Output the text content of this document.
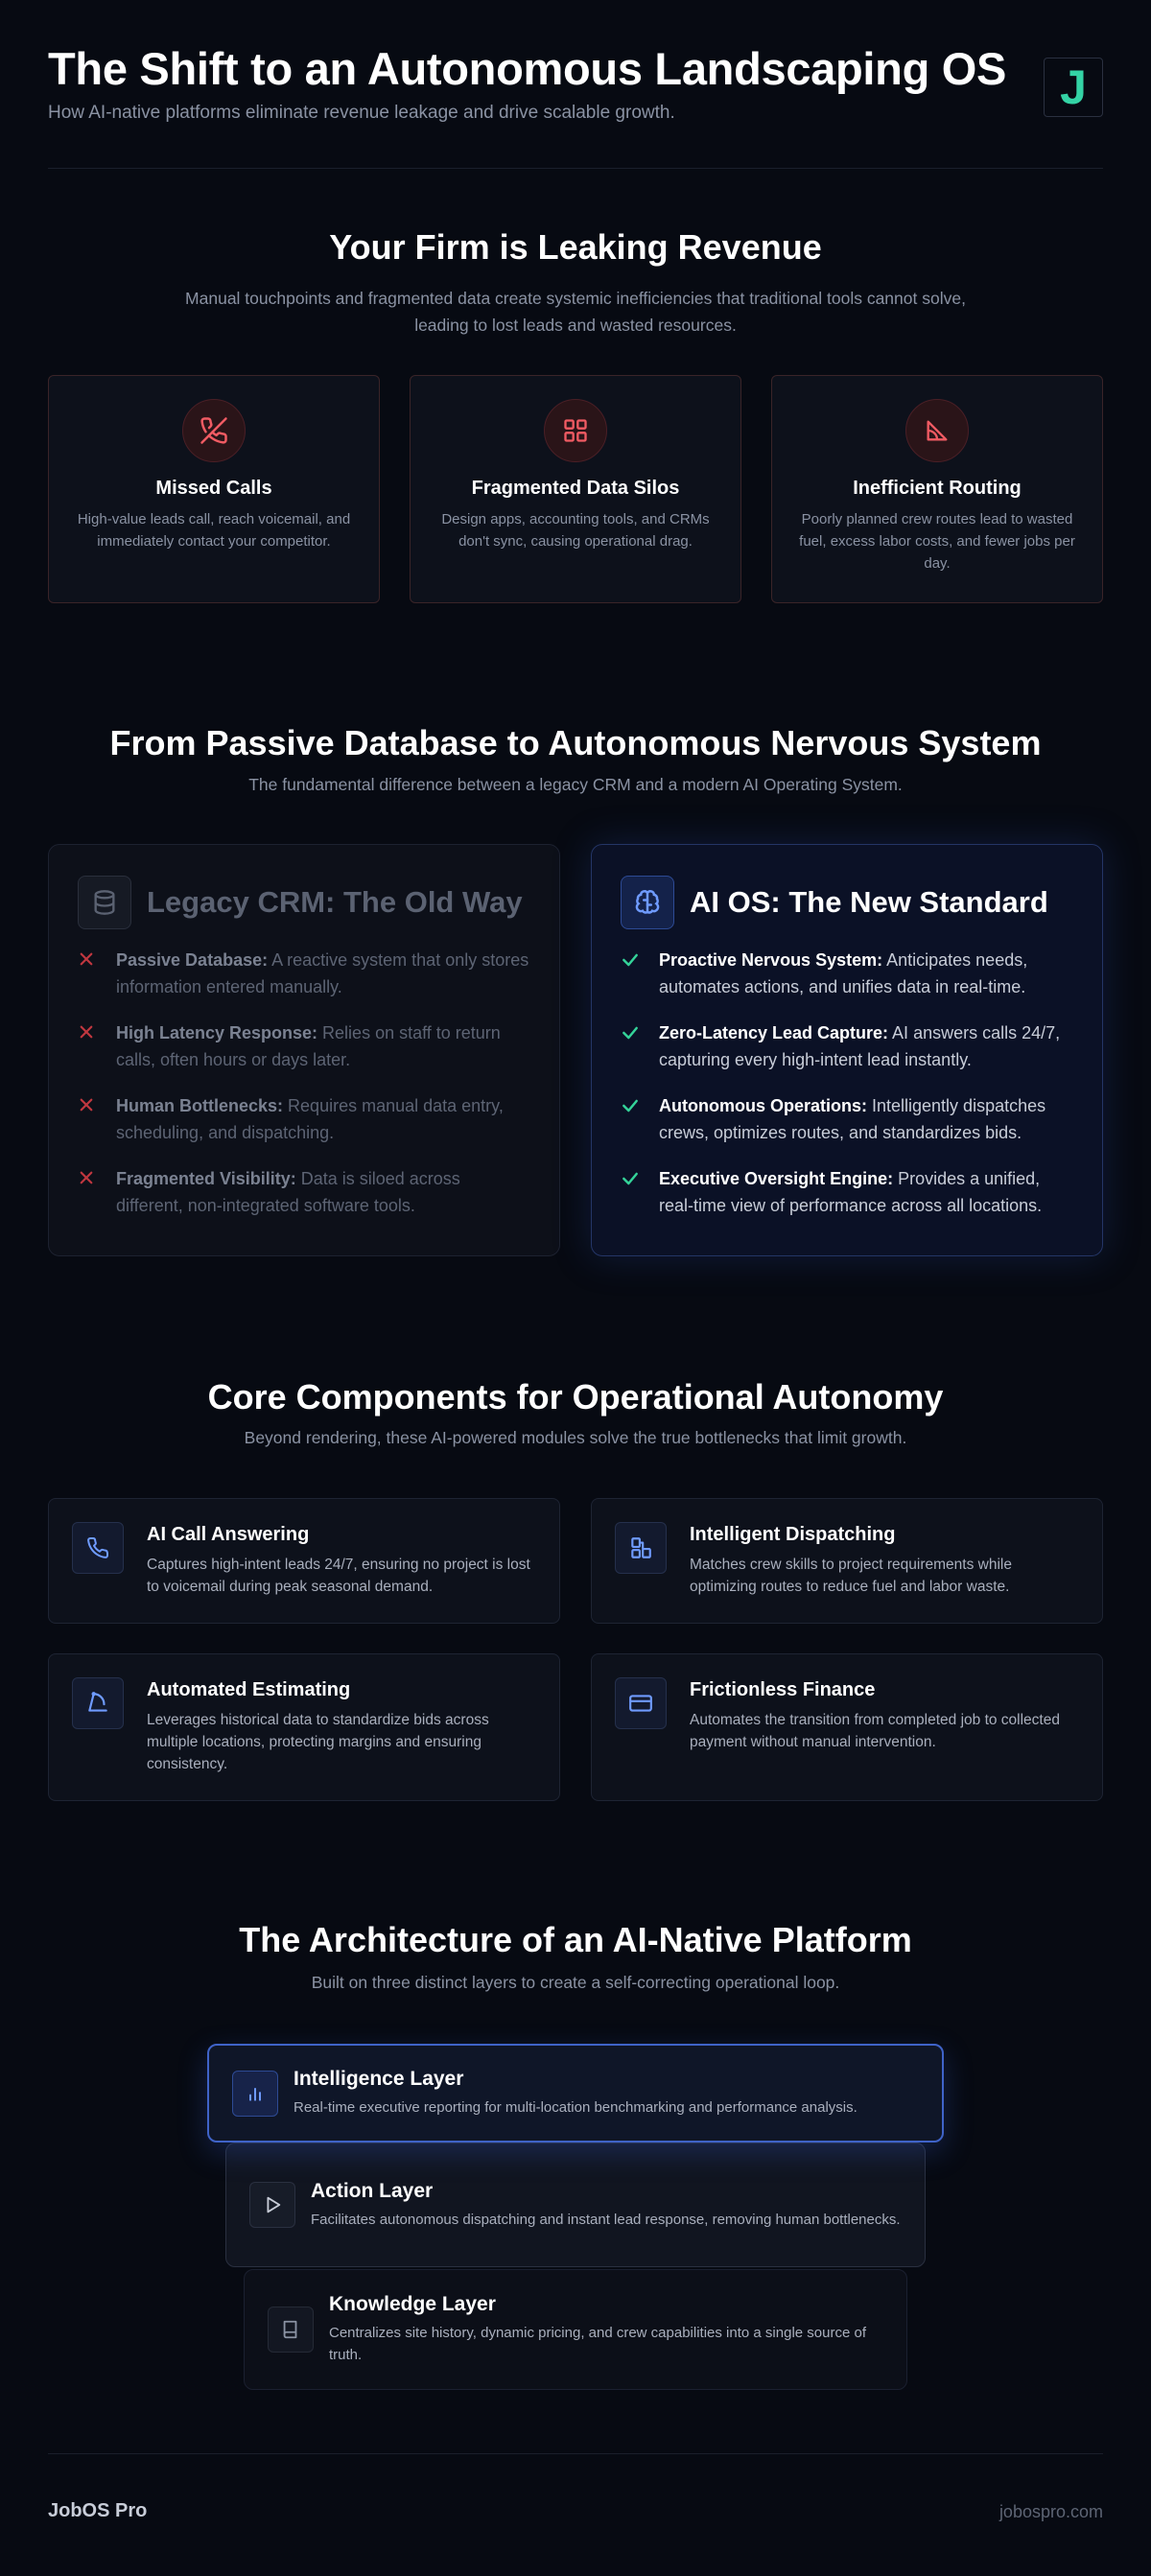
The Shift to an Autonomous Landscaping OS
How AI-native platforms eliminate revenue leakage and drive scalable growth.	J
Your Firm is Leaking Revenue
Manual touchpoints and fragmented data create systemic inefficiencies that traditional tools cannot solve,
leading to lost leads and wasted resources.
Missed Calls

High-value leads call, reach voicemail, and immediately contact your competitor.

Fragmented Data Silos

Design apps, accounting tools, and CRMs don't sync, causing operational drag.

Inefficient Routing

Poorly planned crew routes lead to wasted fuel, excess labor costs, and fewer jobs per day.

From Passive Database to Autonomous Nervous System
The fundamental difference between a legacy CRM and a modern AI Operating System.
Legacy CRM: The Old Way
Passive Database: A reactive system that only stores information entered manually.
High Latency Response: Relies on staff to return calls, often hours or days later.
Human Bottlenecks: Requires manual data entry, scheduling, and dispatching.
Fragmented Visibility: Data is siloed across different, non-integrated software tools.
AI OS: The New Standard
Proactive Nervous System: Anticipates needs, automates actions, and unifies data in real-time.
Zero-Latency Lead Capture: AI answers calls 24/7, capturing every high-intent lead instantly.
Autonomous Operations: Intelligently dispatches crews, optimizes routes, and standardizes bids.
Executive Oversight Engine: Provides a unified, real-time view of performance across all locations.
Core Components for Operational Autonomy
Beyond rendering, these AI-powered modules solve the true bottlenecks that limit growth.
AI Call Answering

Captures high-intent leads 24/7, ensuring no project is lost to voicemail during peak seasonal demand.

Intelligent Dispatching

Matches crew skills to project requirements while optimizing routes to reduce fuel and labor waste.

Automated Estimating

Leverages historical data to standardize bids across multiple locations, protecting margins and ensuring consistency.

Frictionless Finance

Automates the transition from completed job to collected payment without manual intervention.

The Architecture of an AI-Native Platform
Built on three distinct layers to create a self-correcting operational loop.
Knowledge Layer

Centralizes site history, dynamic pricing, and crew capabilities into a single source of truth.

Action Layer

Facilitates autonomous dispatching and instant lead response, removing human bottlenecks.

Intelligence Layer

Real-time executive reporting for multi-location benchmarking and performance analysis.

JobOS Pro	jobospro.com
